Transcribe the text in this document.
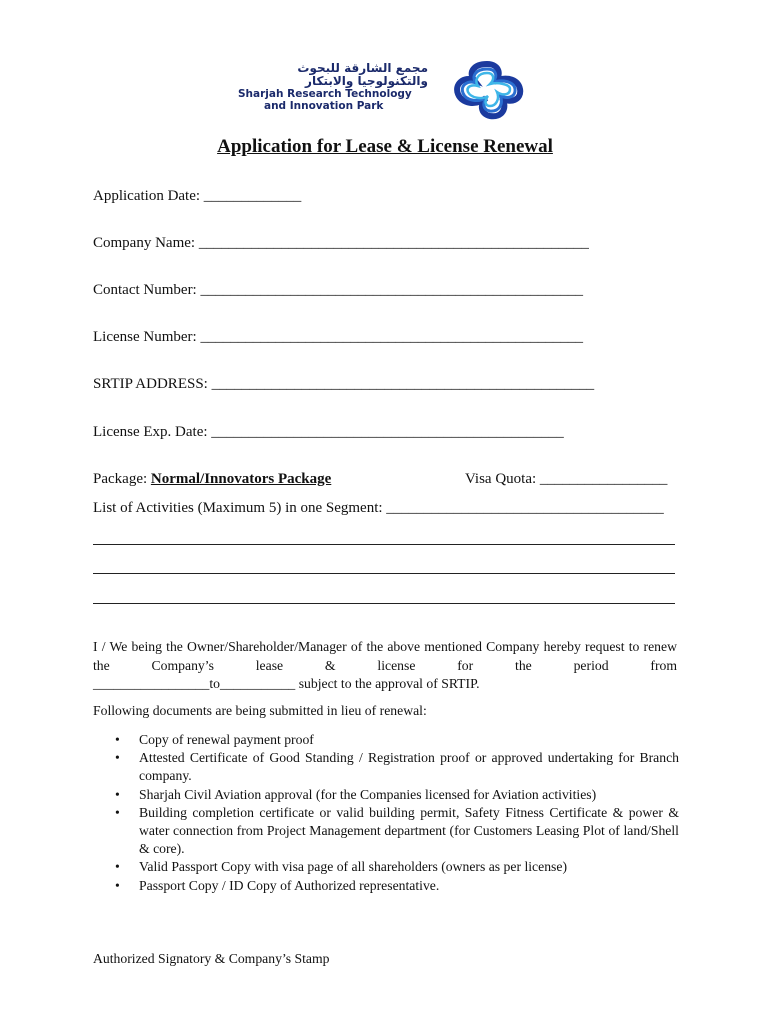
مجمع الشارقة للبحوث
والتكنولوجيا والابتكار
Sharjah Research Technology
and Innovation Park
Application for Lease & License Renewal
Application Date: _____________
Company Name: ____________________________________________________
Contact Number: ___________________________________________________
License Number: ___________________________________________________
SRTIP ADDRESS: ___________________________________________________
License Exp. Date: _______________________________________________
Package: Normal/Innovators Package	Visa Quota: _________________
List of Activities (Maximum 5) in one Segment: _____________________________________
I / We being the Owner/Shareholder/Manager of the above mentioned Company hereby request to renew the Company’s lease & license for the period from
_________________to___________ subject to the approval of SRTIP.
Following documents are being submitted in lieu of renewal:
• Copy of renewal payment proof
• Attested Certificate of Good Standing / Registration proof or approved undertaking for Branch company.
• Sharjah Civil Aviation approval (for the Companies licensed for Aviation activities)
• Building completion certificate or valid building permit, Safety Fitness Certificate & power & water connection from Project Management department (for Customers Leasing Plot of land/Shell & core).
• Valid Passport Copy with visa page of all shareholders (owners as per license)
• Passport Copy / ID Copy of Authorized representative.
Authorized Signatory & Company’s Stamp
